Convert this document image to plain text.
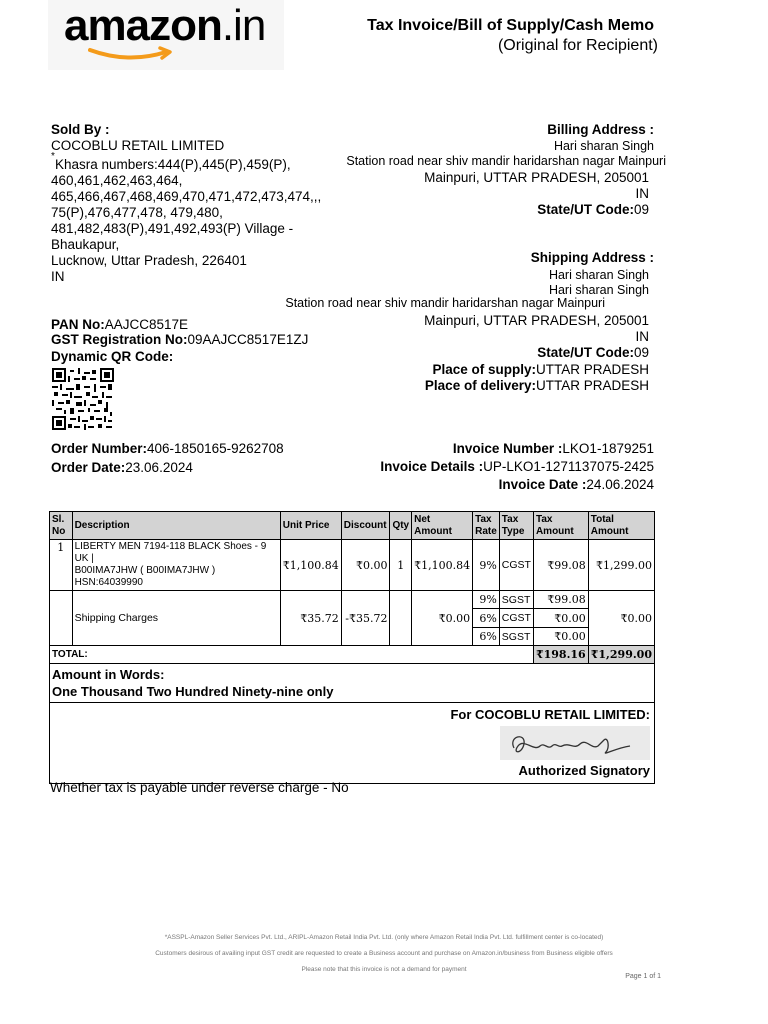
amazon.in	Tax Invoice/Bill of Supply/Cash Memo
(Original for Recipient)
Sold By :
COCOBLU RETAIL LIMITED
*
Khasra numbers:444(P),445(P),459(P),
460,461,462,463,464,
465,466,467,468,469,470,471,472,473,474,,,
75(P),476,477,478, 479,480,
481,482,483(P),491,492,493(P) Village -
Bhaukapur,
Lucknow, Uttar Pradesh, 226401
IN
Billing Address :
Hari sharan Singh
Station road near shiv mandir haridarshan nagar Mainpuri
Mainpuri, UTTAR PRADESH, 205001
IN
State/UT Code:09
Shipping Address :
Hari sharan Singh
Hari sharan Singh
Station road near shiv mandir haridarshan nagar Mainpuri
Mainpuri, UTTAR PRADESH, 205001
IN
State/UT Code:09
Place of supply:UTTAR PRADESH
Place of delivery:UTTAR PRADESH
PAN No:AAJCC8517E
GST Registration No:09AAJCC8517E1ZJ
Dynamic QR Code:
Order Number:406-1850165-9262708
Order Date:23.06.2024
Invoice Number :LKO1-1879251
Invoice Details :UP-LKO1-1271137075-2425
Invoice Date :24.06.2024
Sl. No	Description	Unit Price	Discount	Qty	Net Amount	Tax Rate	Tax Type	Tax Amount	Total Amount
1	LIBERTY MEN 7194-118 BLACK Shoes - 9 UK |
B00IMA7JHW ( B00IMA7JHW )
HSN:64039990	₹1,100.84	₹0.00	1	₹1,100.84	9%	CGST	₹99.08	₹1,299.00
						9%	SGST	₹99.08	
	Shipping Charges	₹35.72	-₹35.72		₹0.00	6%	CGST	₹0.00	₹0.00
						6%	SGST	₹0.00	
TOTAL:								₹198.16	₹1,299.00

Amount in Words:
One Thousand Two Hundred Ninety-nine only									

For COCOBLU RETAIL LIMITED:
Authorized Signatory									
Whether tax is payable under reverse charge - No
*ASSPL-Amazon Seller Services Pvt. Ltd., ARIPL-Amazon Retail India Pvt. Ltd. (only where Amazon Retail India Pvt. Ltd. fulfillment center is co-located)
Customers desirous of availing input GST credit are requested to create a Business account and purchase on Amazon.in/business from Business eligible offers
Please note that this invoice is not a demand for payment
Page 1 of 1
